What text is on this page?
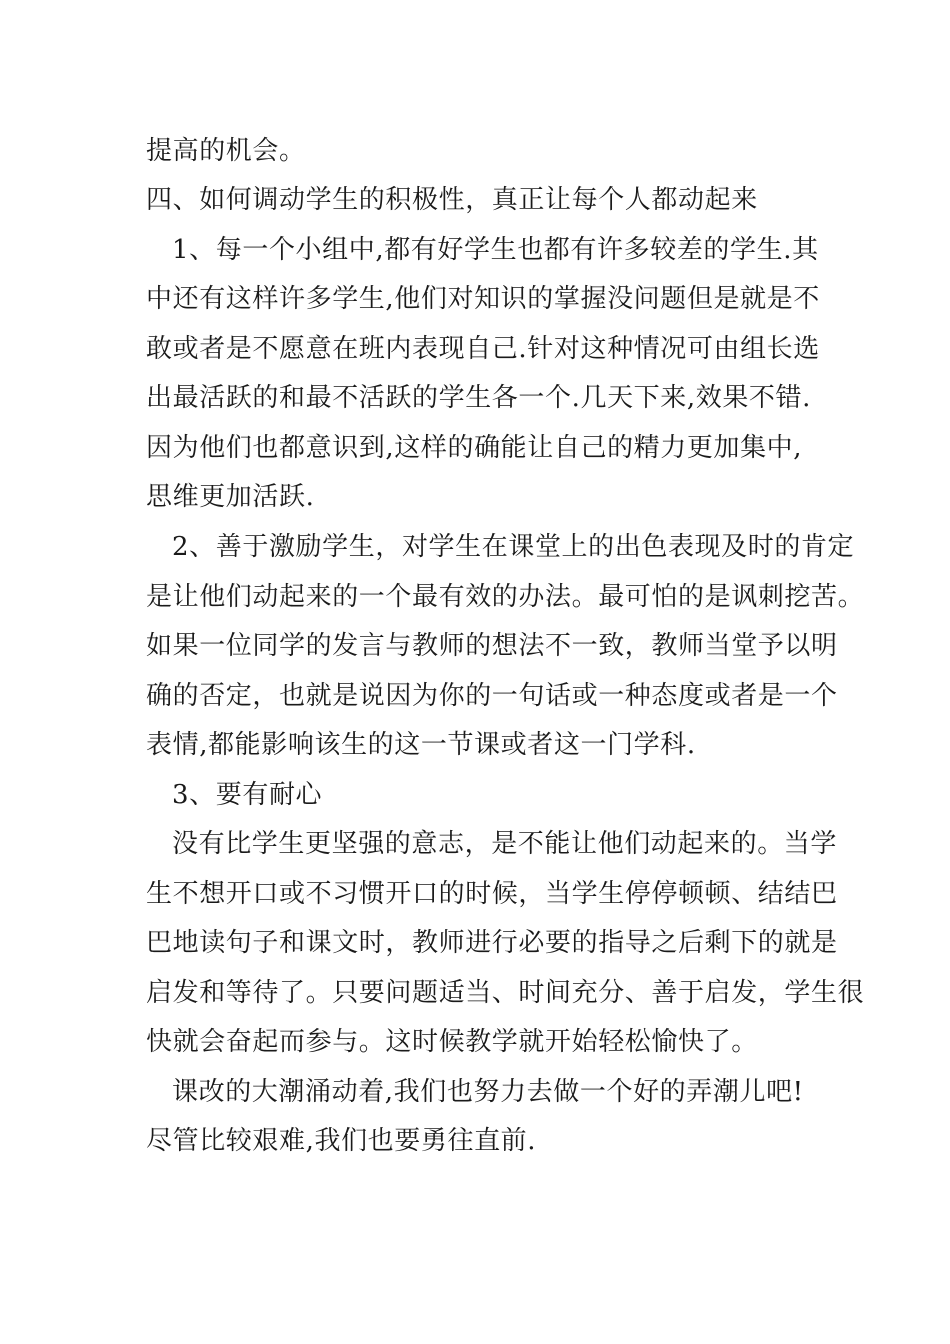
提高的机会。
四、如何调动学生的积极性，真正让每个人都动起来
1、每一个小组中,都有好学生也都有许多较差的学生.其
中还有这样许多学生,他们对知识的掌握没问题但是就是不
敢或者是不愿意在班内表现自己.针对这种情况可由组长选
出最活跃的和最不活跃的学生各一个.几天下来,效果不错.
因为他们也都意识到,这样的确能让自己的精力更加集中,
思维更加活跃.
2、善于激励学生，对学生在课堂上的出色表现及时的肯定
是让他们动起来的一个最有效的办法。最可怕的是讽刺挖苦。
如果一位同学的发言与教师的想法不一致，教师当堂予以明
确的否定，也就是说因为你的一句话或一种态度或者是一个
表情,都能影响该生的这一节课或者这一门学科.
3、要有耐心
没有比学生更坚强的意志，是不能让他们动起来的。当学
生不想开口或不习惯开口的时候，当学生停停顿顿、结结巴
巴地读句子和课文时，教师进行必要的指导之后剩下的就是
启发和等待了。只要问题适当、时间充分、善于启发，学生很
快就会奋起而参与。这时候教学就开始轻松愉快了。
课改的大潮涌动着,我们也努力去做一个好的弄潮儿吧!
尽管比较艰难,我们也要勇往直前.
